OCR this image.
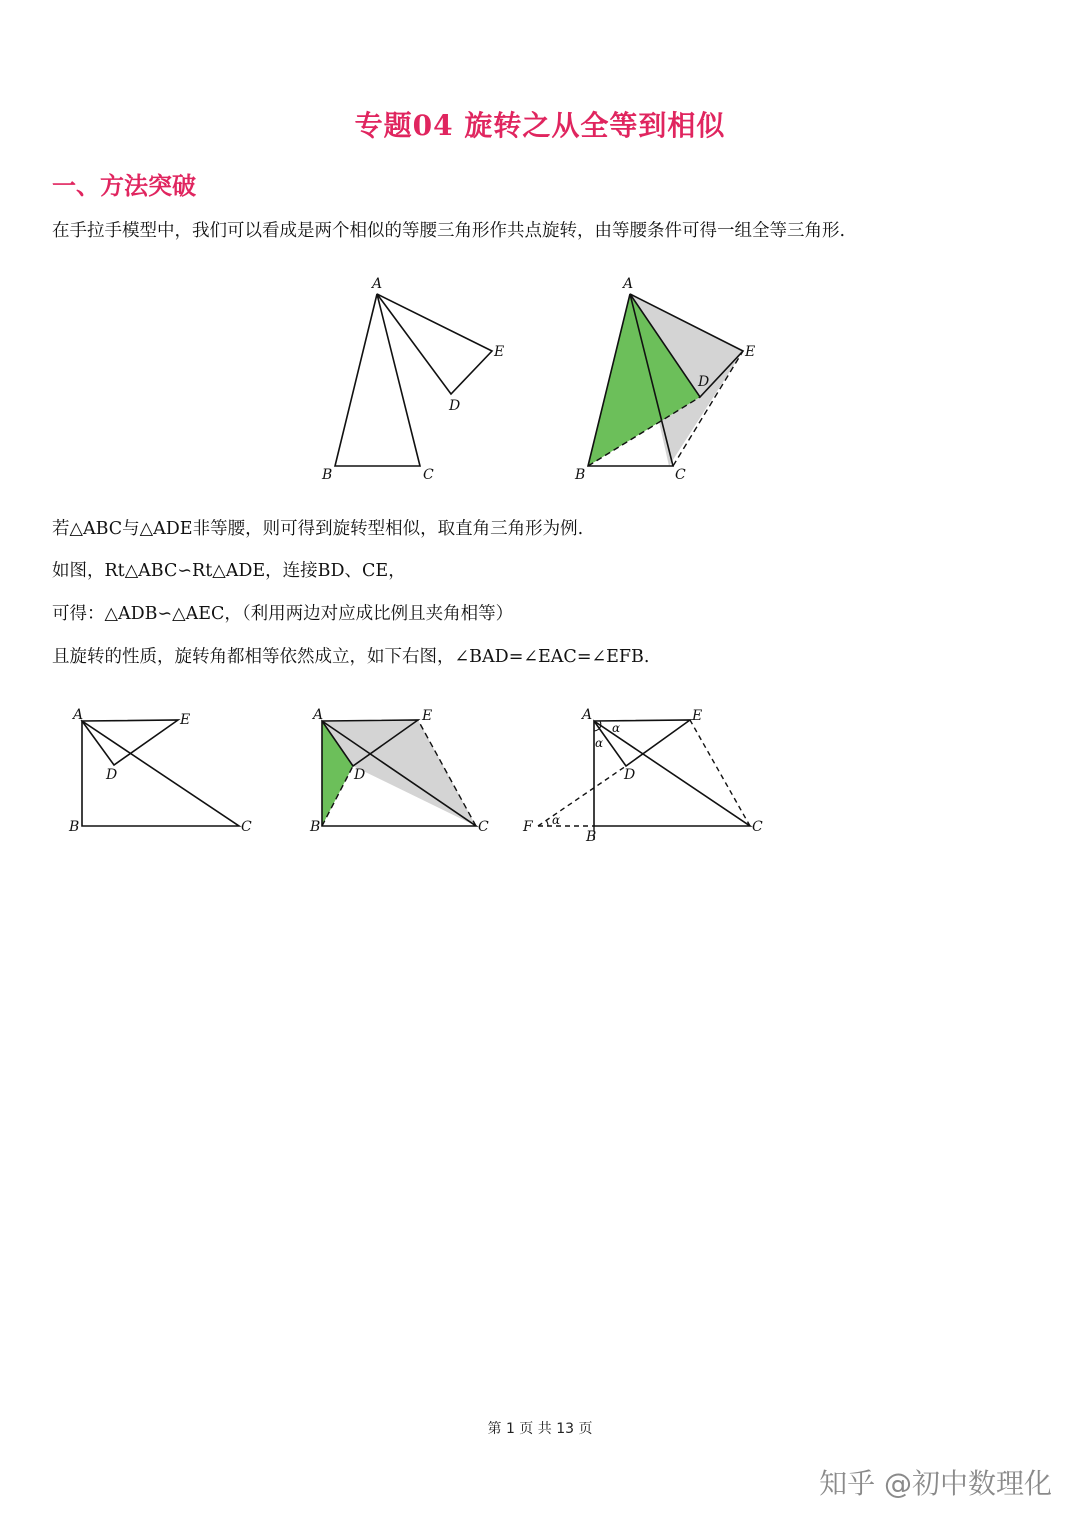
专题04 旋转之从全等到相似
一、方法突破
在手拉手模型中，我们可以看成是两个相似的等腰三角形作共点旋转，由等腰条件可得一组全等三角形.
A
B	C
D
E
A
B	C
D
E
若△ABC与△ADE非等腰，则可得到旋转型相似，取直角三角形为例.
如图，Rt△ABC∽Rt△ADE，连接BD、CE，
可得：△ADB∽△AEC，（利用两边对应成比例且夹角相等）
且旋转的性质，旋转角都相等依然成立，如下右图，∠BAD=∠EAC=∠EFB.
A
B	C
D
E	A
B	C
D
E	A
B
C
D
E
F
α
α
α
第 1 页 共 13 页
知乎 @初中数理化
